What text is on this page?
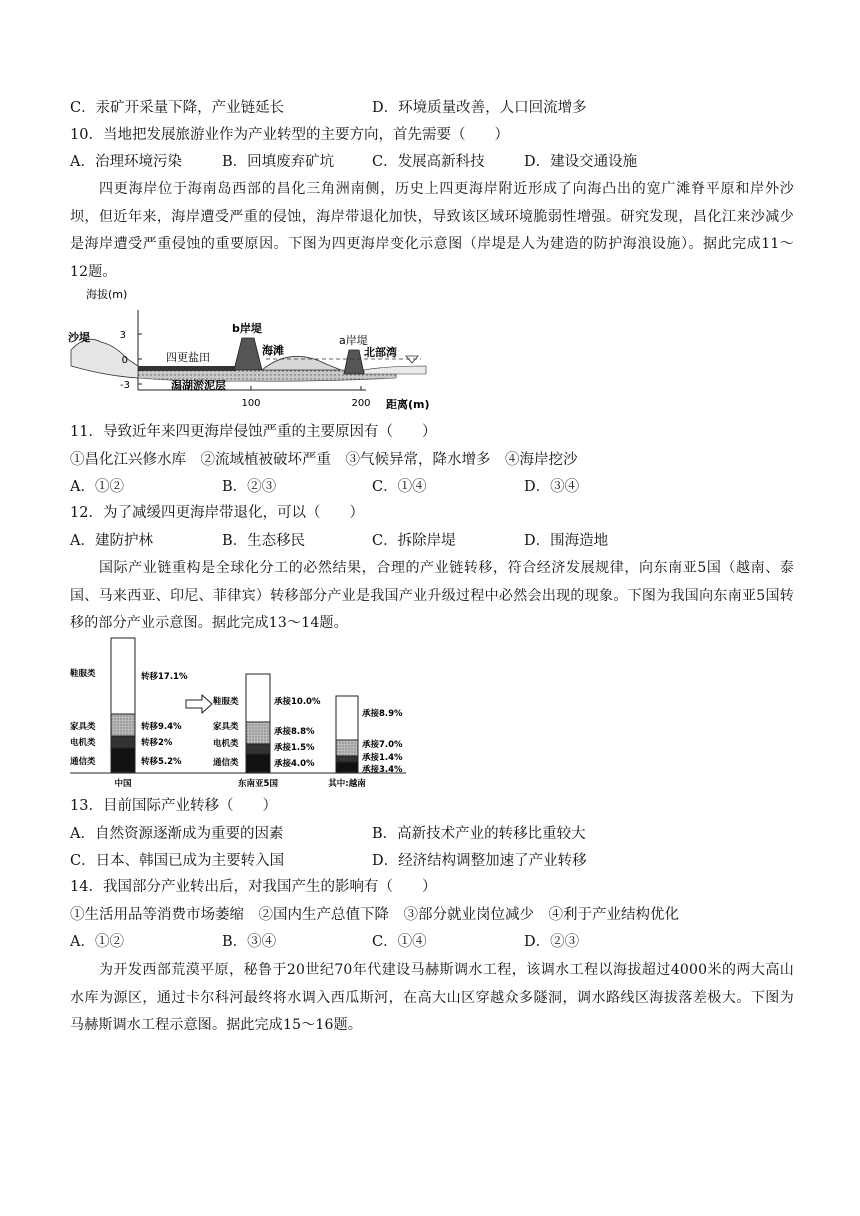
C．汞矿开采量下降，产业链延长	D．环境质量改善，人口回流增多
10．当地把发展旅游业作为产业转型的主要方向，首先需要（　　）
A．治理环境污染	B．回填废弃矿坑	C．发展高新科技	D．建设交通设施
四更海岸位于海南岛西部的昌化三角洲南侧，历史上四更海岸附近形成了向海凸出的宽广滩脊平原和岸外沙坝，但近年来，海岸遭受严重的侵蚀，海岸带退化加快，导致该区域环境脆弱性增强。研究发现，昌化江来沙减少是海岸遭受严重侵蚀的重要原因。下图为四更海岸变化示意图（岸堤是人为建造的防护海浪设施）。据此完成11～12题。
海拔(m)
3
0
-3
100	200 距离(m)
沙堤
四更盐田
b岸堤
海滩
a岸堤
北部湾
潟湖淤泥层
11．导致近年来四更海岸侵蚀严重的主要原因有（　　）
①昌化江兴修水库　②流域植被破坏严重　③气候异常，降水增多　④海岸挖沙
A．①②	B．②③	C．①④	D．③④
12．为了减缓四更海岸带退化，可以（　　）
A．建防护林	B．生态移民	C．拆除岸堤	D．围海造地
国际产业链重构是全球化分工的必然结果，合理的产业链转移，符合经济发展规律，向东南亚5国（越南、泰国、马来西亚、印尼、菲律宾）转移部分产业是我国产业升级过程中必然会出现的现象。下图为我国向东南亚5国转移的部分产业示意图。据此完成13～14题。
鞋服类
家具类
电机类
通信类
转移17.1%
转移9.4%
转移2%
转移5.2%
中国
鞋服类
家具类
电机类
通信类
承接10.0%
承接8.8%
承接1.5%
承接4.0%
东南亚5国
承接8.9%
承接7.0%
承接1.4%
承接3.4%
其中:越南
13．目前国际产业转移（　　）
A．自然资源逐渐成为重要的因素	B．高新技术产业的转移比重较大
C．日本、韩国已成为主要转入国	D．经济结构调整加速了产业转移
14．我国部分产业转出后，对我国产生的影响有（　　）
①生活用品等消费市场萎缩　②国内生产总值下降　③部分就业岗位减少　④利于产业结构优化
A．①②	B．③④	C．①④	D．②③
为开发西部荒漠平原，秘鲁于20世纪70年代建设马赫斯调水工程，该调水工程以海拔超过4000米的两大高山水库为源区，通过卡尔科河最终将水调入西瓜斯河，在高大山区穿越众多隧洞，调水路线区海拔落差极大。下图为马赫斯调水工程示意图。据此完成15～16题。
